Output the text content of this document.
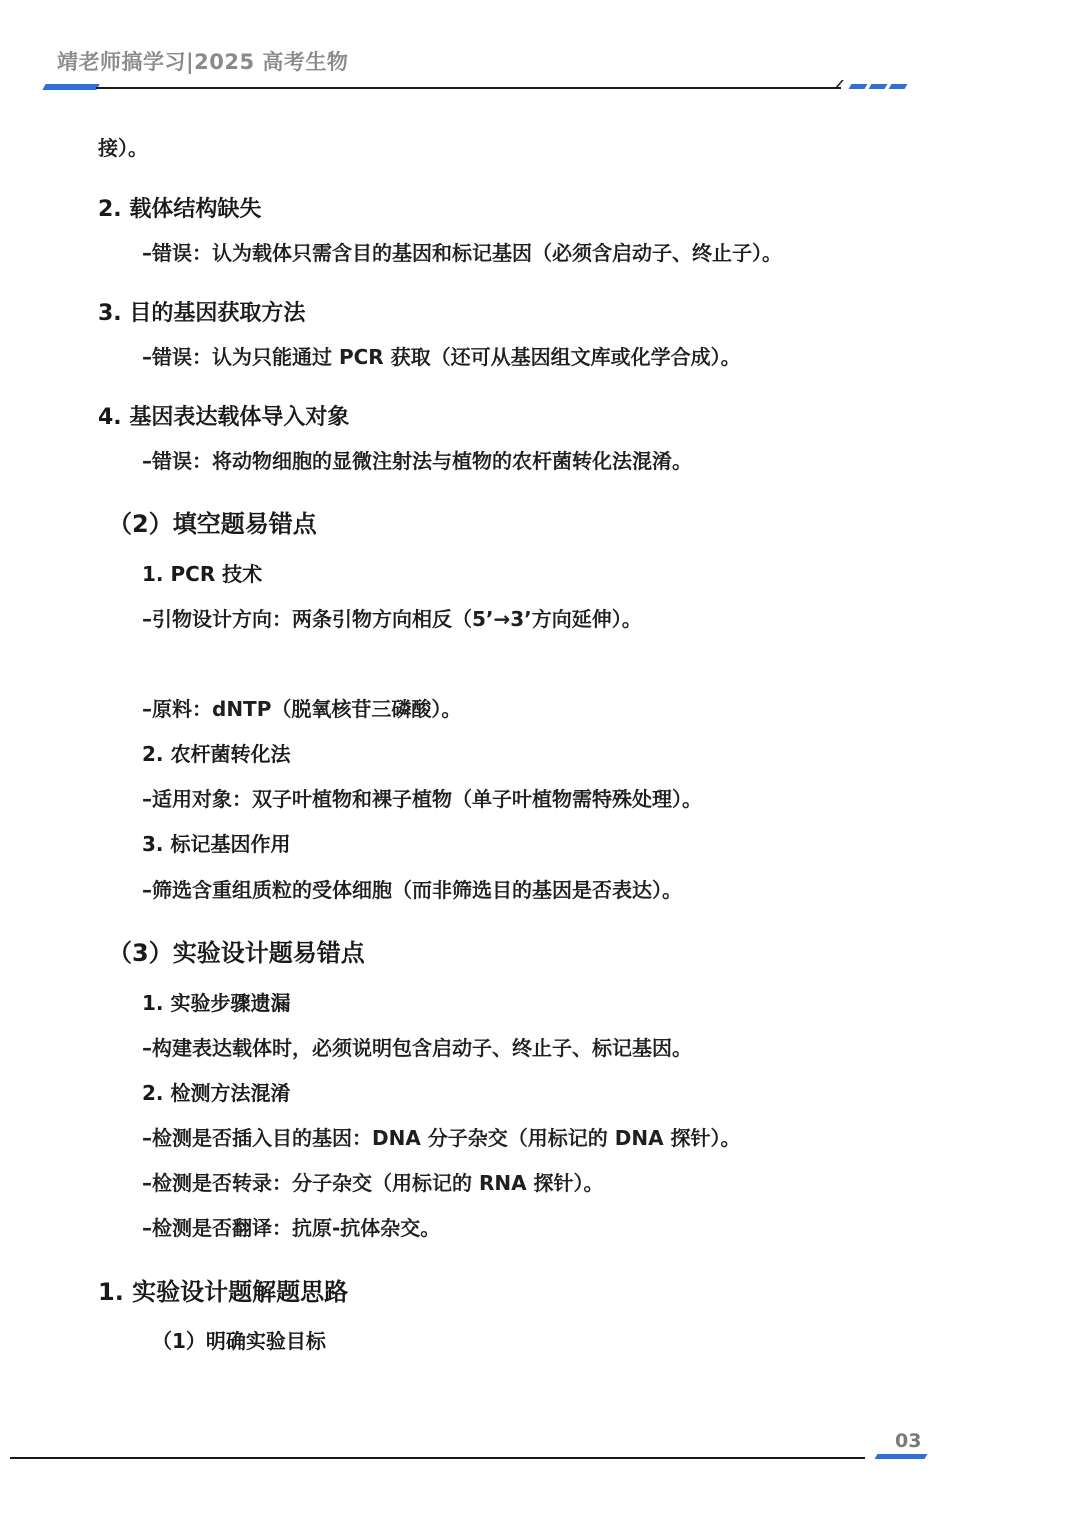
靖老师搞学习|2025 高考生物
接）。
2. 载体结构缺失
–错误：认为载体只需含目的基因和标记基因（必须含启动子、终止子）。
3. 目的基因获取方法
–错误：认为只能通过 PCR 获取（还可从基因组文库或化学合成）。
4. 基因表达载体导入对象
–错误：将动物细胞的显微注射法与植物的农杆菌转化法混淆。
（2）填空题易错点
1. PCR 技术
–引物设计方向：两条引物方向相反（5’→3’方向延伸）。
–原料：dNTP（脱氧核苷三磷酸）。
2. 农杆菌转化法
–适用对象：双子叶植物和裸子植物（单子叶植物需特殊处理）。
3. 标记基因作用
–筛选含重组质粒的受体细胞（而非筛选目的基因是否表达）。
（3）实验设计题易错点
1. 实验步骤遗漏
–构建表达载体时，必须说明包含启动子、终止子、标记基因。
2. 检测方法混淆
–检测是否插入目的基因：DNA 分子杂交（用标记的 DNA 探针）。
–检测是否转录：分子杂交（用标记的 RNA 探针）。
–检测是否翻译：抗原-抗体杂交。
1. 实验设计题解题思路
（1）明确实验目标
03
